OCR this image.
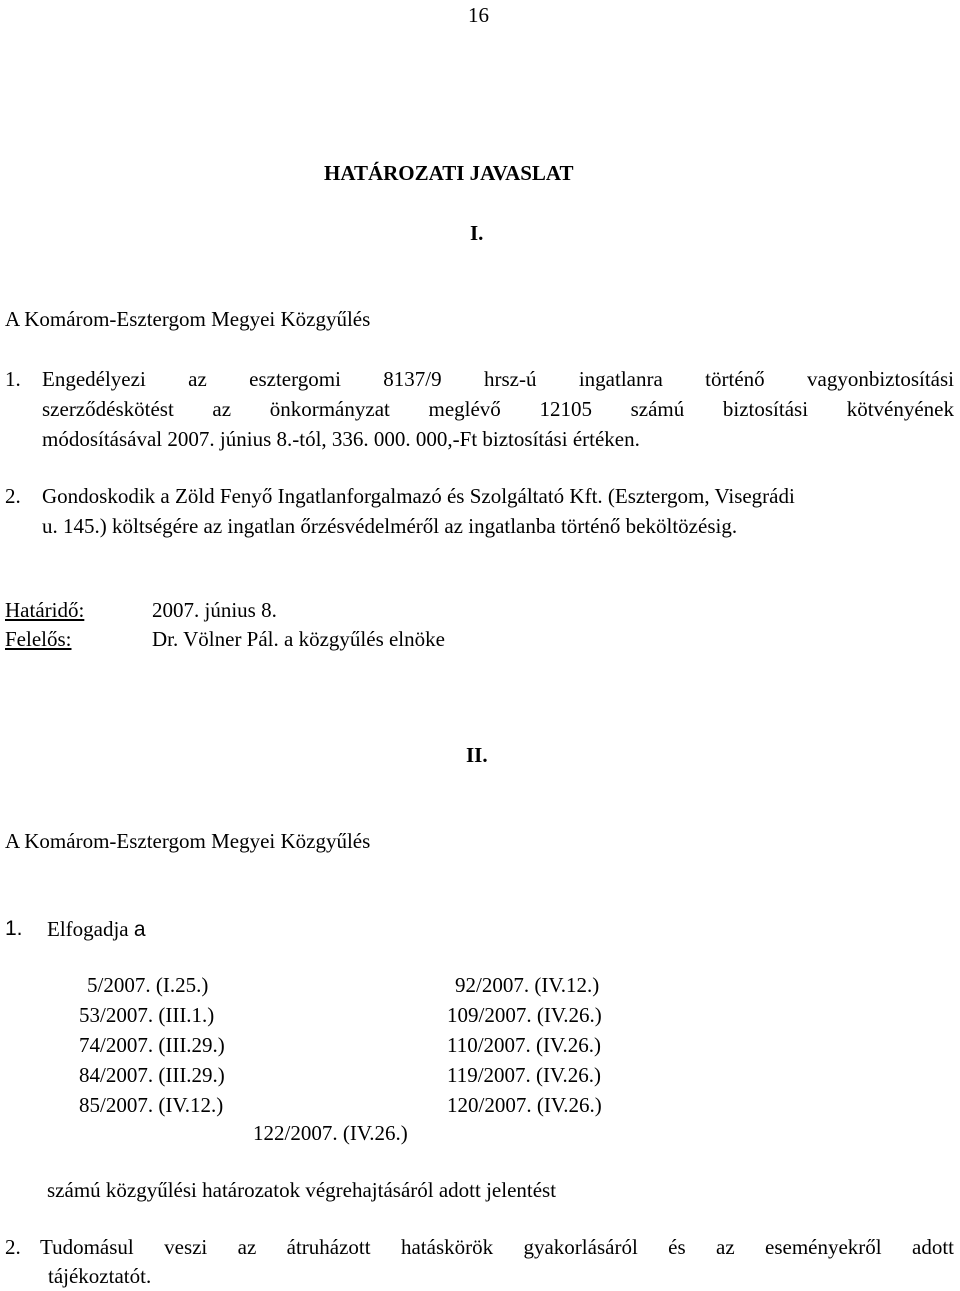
16
HATÁROZATI JAVASLAT
I.
A Komárom-Esztergom Megyei Közgyűlés
1. Engedélyezi az esztergomi 8137/9 hrsz-ú ingatlanra történő vagyonbiztosítási
szerződéskötést az önkormányzat meglévő 12105 számú biztosítási kötvényének
módosításával 2007. június 8.-tól, 336. 000. 000,-Ft biztosítási értéken.
2. Gondoskodik a Zöld Fenyő Ingatlanforgalmazó és Szolgáltató Kft. (Esztergom, Visegrádi
u. 145.) költségére az ingatlan őrzésvédelméről az ingatlanba történő beköltözésig.
Határidő:	2007. június 8.
Felelős:	Dr. Völner Pál. a közgyűlés elnöke
II.
A Komárom-Esztergom Megyei Közgyűlés
1. Elfogadja a
5/2007. (I.25.)
53/2007. (III.1.)
74/2007. (III.29.)
84/2007. (III.29.)
85/2007. (IV.12.)
92/2007. (IV.12.)
109/2007. (IV.26.)
110/2007. (IV.26.)
119/2007. (IV.26.)
120/2007. (IV.26.)
122/2007. (IV.26.)
számú közgyűlési határozatok végrehajtásáról adott jelentést
2. Tudomásul veszi az átruházott hatáskörök gyakorlásáról és az eseményekről adott
tájékoztatót.
